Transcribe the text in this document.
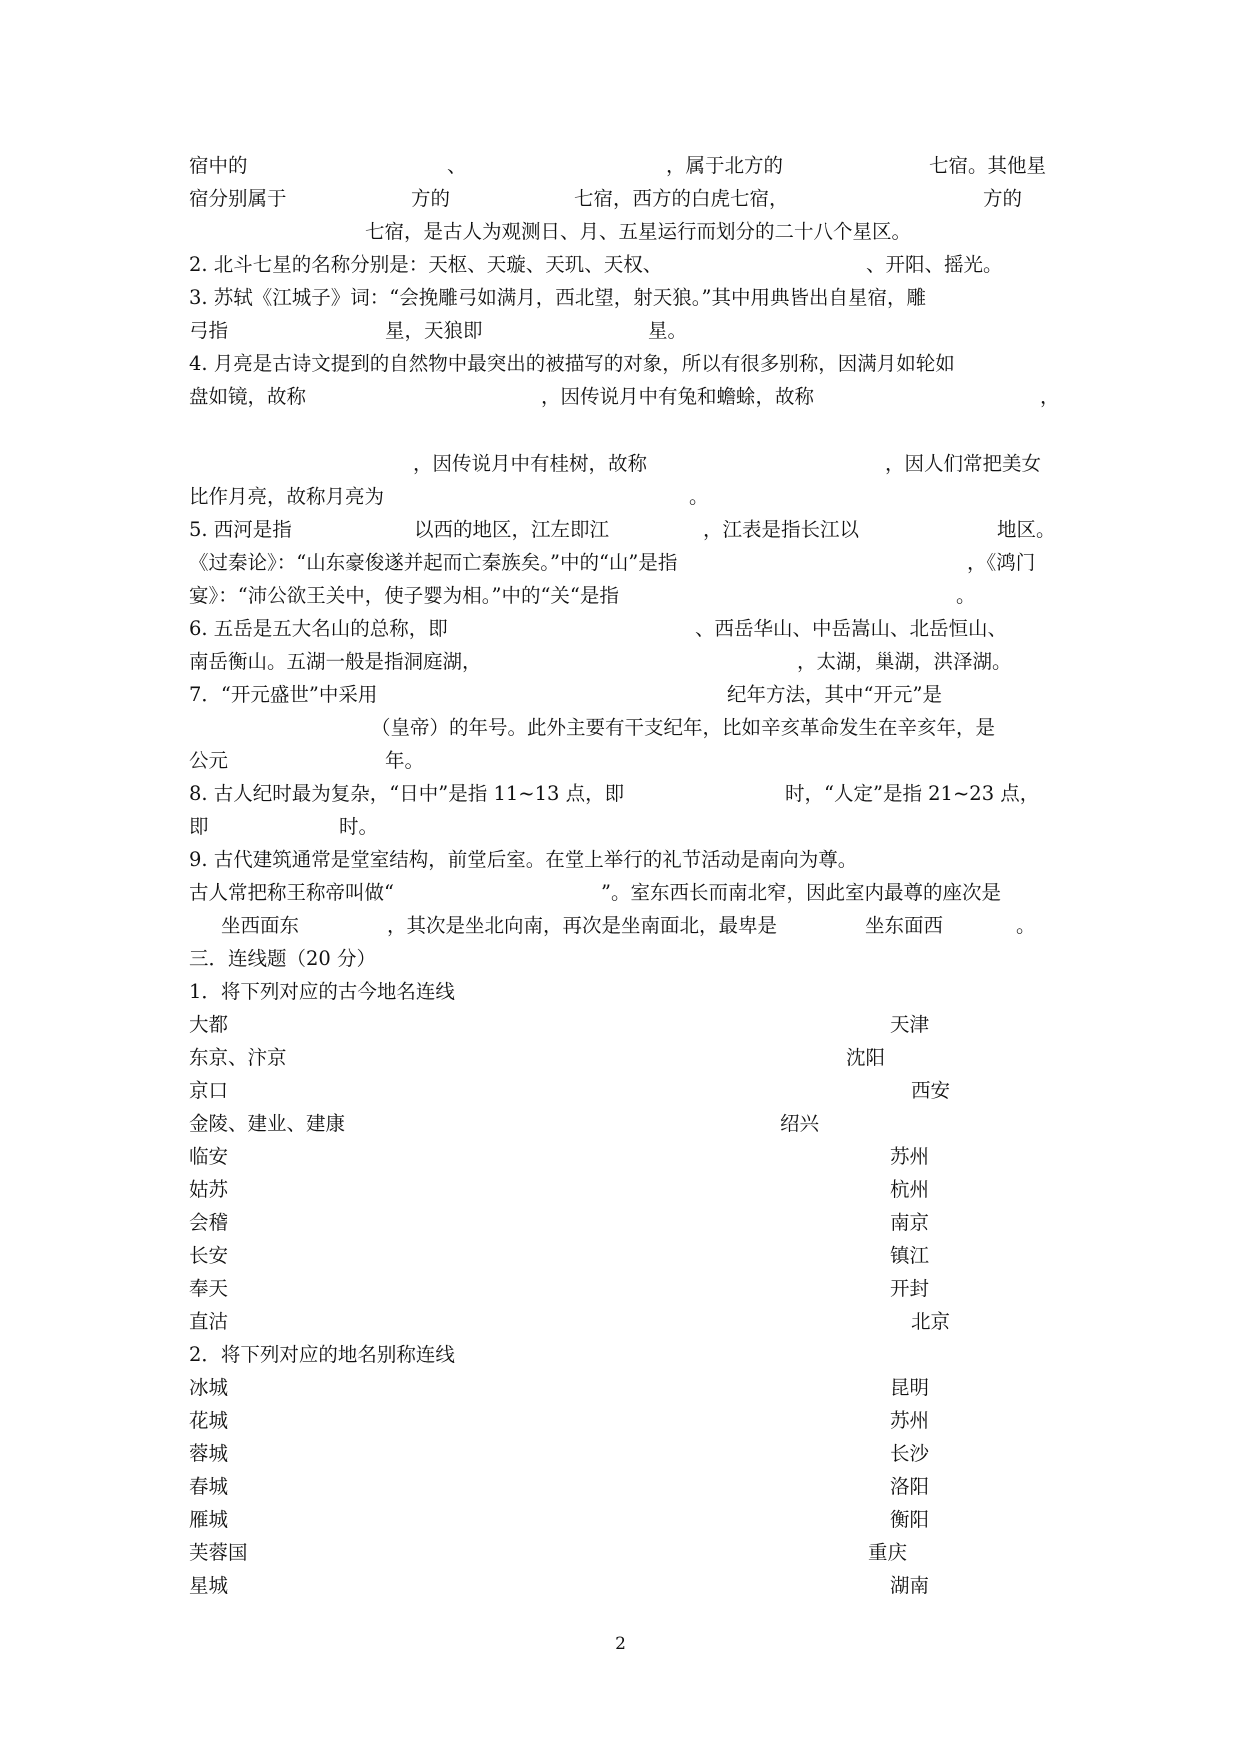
宿中的	、	，属于北方的	七宿。其他星
宿分别属于	方的	七宿，西方的白虎七宿，	方的
七宿，是古人为观测日、月、五星运行而划分的二十八个星区。
2. 北斗七星的名称分别是：天枢、天璇、天玑、天权、	、开阳、摇光。
3. 苏轼《江城子》词：“会挽雕弓如满月，西北望，射天狼。”其中用典皆出自星宿，雕
弓指	星，天狼即	星。
4. 月亮是古诗文提到的自然物中最突出的被描写的对象，所以有很多别称，因满月如轮如
盘如镜，故称	，因传说月中有兔和蟾蜍，故称	，
，因传说月中有桂树，故称	，因人们常把美女
比作月亮，故称月亮为	。
5. 西河是指	以西的地区，江左即江	，江表是指长江以	地区。
《过秦论》：“山东豪俊遂并起而亡秦族矣。”中的“山”是指	，《鸿门
宴》：“沛公欲王关中，使子婴为相。”中的“关“是指	。
6. 五岳是五大名山的总称，即	、西岳华山、中岳嵩山、北岳恒山、
南岳衡山。五湖一般是指洞庭湖，	，太湖，巢湖，洪泽湖。
7．“开元盛世”中采用	纪年方法，其中“开元”是
（皇帝）的年号。此外主要有干支纪年，比如辛亥革命发生在辛亥年，是
公元	年。
8. 古人纪时最为复杂，“日中”是指 11~13 点，即	时，“人定”是指 21~23 点，
即	时。
9. 古代建筑通常是堂室结构，前堂后室。在堂上举行的礼节活动是南向为尊。
古人常把称王称帝叫做“	”。室东西长而南北窄，因此室内最尊的座次是
坐西面东	，其次是坐北向南，再次是坐南面北，最卑是	坐东面西	。
三．连线题（20 分）
1．将下列对应的古今地名连线
大都	天津
东京、汴京	沈阳
京口	西安
金陵、建业、建康	绍兴
临安	苏州
姑苏	杭州
会稽	南京
长安	镇江
奉天	开封
直沽	北京
2．将下列对应的地名别称连线
冰城	昆明
花城	苏州
蓉城	长沙
春城	洛阳
雁城	衡阳
芙蓉国	重庆
星城	湖南
2
